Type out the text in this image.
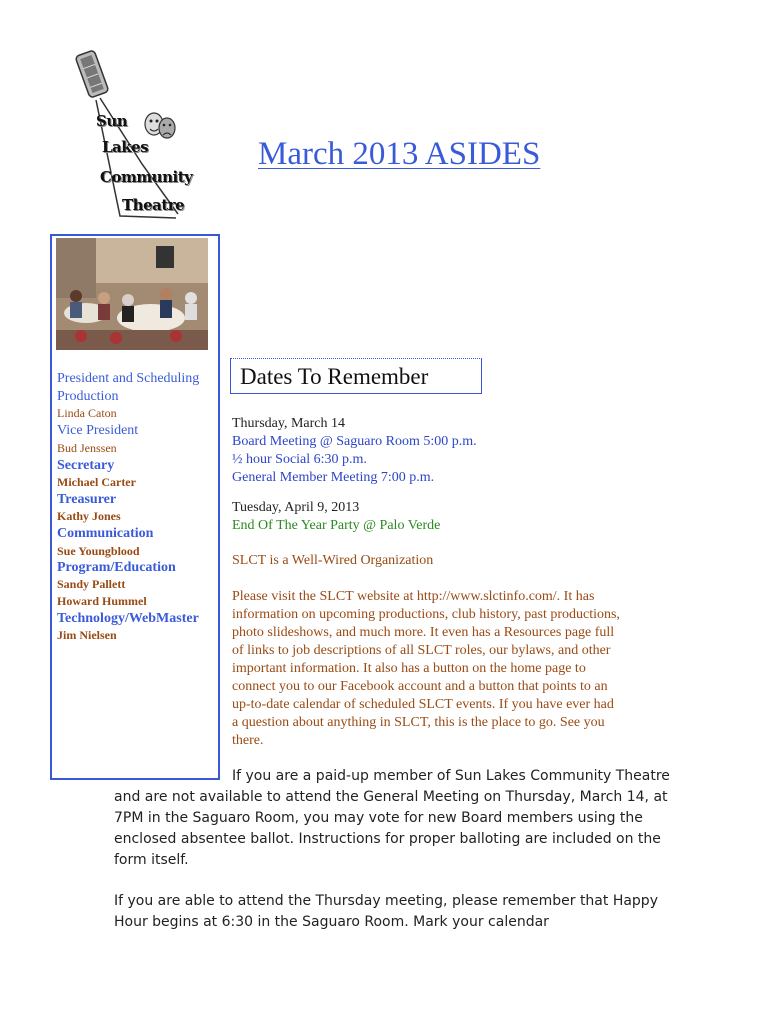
Sun
Lakes
Community
Theatre
March 2013 ASIDES
President and Scheduling
Production
Linda Caton
Vice President
Bud Jenssen
Secretary
Michael Carter
Treasurer
Kathy Jones
Communication
Sue Youngblood
Program/Education
Sandy Pallett
Howard Hummel
Technology/WebMaster
Jim Nielsen
Dates To Remember
Thursday, March 14
Board Meeting @ Saguaro Room 5:00 p.m.
½ hour Social 6:30 p.m.
General Member Meeting 7:00 p.m.
Tuesday, April 9, 2013
End Of The Year Party @ Palo Verde
SLCT is a Well-Wired Organization
Please visit the SLCT website at http://www.slctinfo.com/. It has
information on upcoming productions, club history, past productions,
photo slideshows, and much more. It even has a Resources page full
of links to job descriptions of all SLCT roles, our bylaws, and other
important information. It also has a button on the home page to
connect you to our Facebook account and a button that points to an
up-to-date calendar of scheduled SLCT events. If you have ever had
a question about anything in SLCT, this is the place to go. See you
there.
If you are a paid-up member of Sun Lakes Community Theatre
and are not available to attend the General Meeting on Thursday, March 14, at
7PM in the Saguaro Room, you may vote for new Board members using the
enclosed absentee ballot. Instructions for proper balloting are included on the
form itself.
If you are able to attend the Thursday meeting, please remember that Happy
Hour begins at 6:30 in the Saguaro Room. Mark your calendar
